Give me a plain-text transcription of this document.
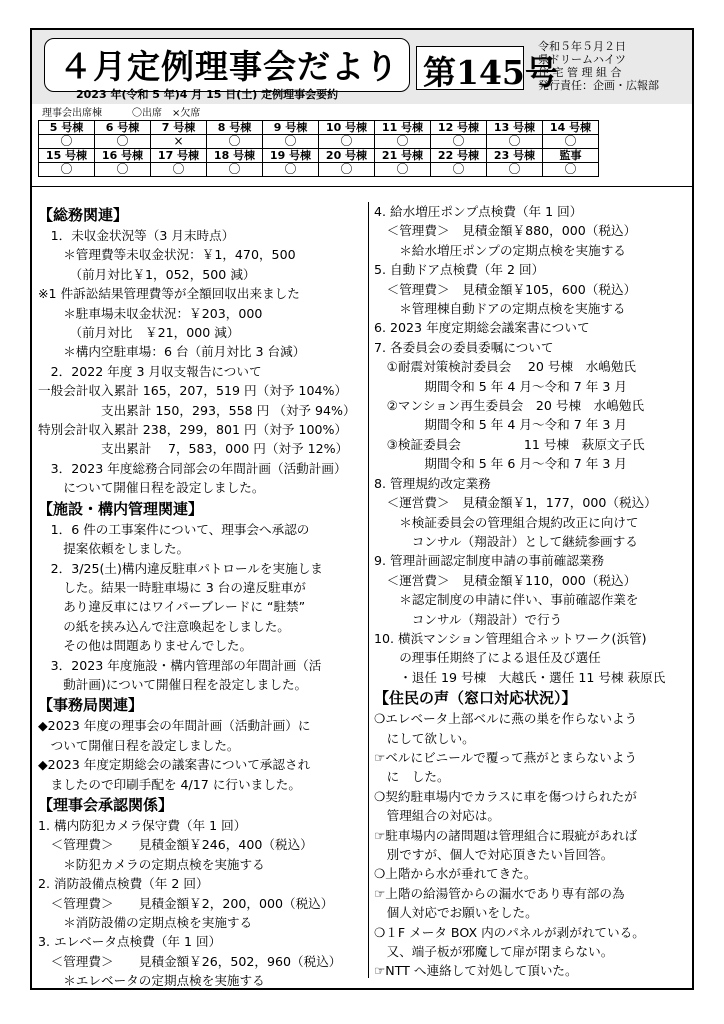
４月定例理事会だより
2023 年(令和 5 年)4 月 15 日(土) 定例理事会要約
第145号
令和５年５月２日
県ドリームハイツ
住 宅 管 理 組 合
発行責任：企画・広報部
理事会出席棟　　　〇出席　×欠席
5 号棟	6 号棟	7 号棟	8 号棟	9 号棟	10 号棟	11 号棟	12 号棟	13 号棟	14 号棟
〇	〇	×	〇	〇	〇	〇	〇	〇	〇
15 号棟	16 号棟	17 号棟	18 号棟	19 号棟	20 号棟	21 号棟	22 号棟	23 号棟	監事
〇	〇	〇	〇	〇	〇	〇	〇	〇	〇
【総務関連】
　1．未収金状況等（3 月末時点）
　　＊管理費等未収金状況：￥1，470，500
　　　（前月対比￥1，052，500 減）
※1 件訴訟結果管理費等が全額回収出来ました
　　＊駐車場未収金状況：￥203，000
　　　（前月対比　￥21，000 減）
　　＊構内空駐車場：6 台（前月対比 3 台減）
　2．2022 年度 3 月収支報告について
一般会計収入累計 165，207，519 円（対予 104%）
　　　　　支出累計 150，293，558 円 （対予 94%）
特別会計収入累計 238，299，801 円（対予 100%）
　　　　　支出累計　 7，583，000 円（対予 12%）
　3．2023 年度総務合同部会の年間計画（活動計画）
　　について開催日程を設定しました。
【施設・構内管理関連】
　1．6 件の工事案件について、理事会へ承認の
　　提案依頼をしました。
　2．3/25(土)構内違反駐車パトロールを実施しま
　　した。結果一時駐車場に 3 台の違反駐車が
　　あり違反車にはワイパーブレードに “駐禁”
　　の紙を挟み込んで注意喚起をしました。
　　その他は問題ありませんでした。
　3．2023 年度施設・構内管理部の年間計画（活
　　動計画)について開催日程を設定しました。
【事務局関連】
◆2023 年度の理事会の年間計画（活動計画）に
　ついて開催日程を設定しました。
◆2023 年度定期総会の議案書について承認され
　ましたので印刷手配を 4/17 に行いました。
【理事会承認関係】
1. 構内防犯カメラ保守費（年 1 回）
　＜管理費＞　　見積金額￥246，400（税込）
　　＊防犯カメラの定期点検を実施する
2. 消防設備点検費（年 2 回）
　＜管理費＞　　見積金額￥2，200，000（税込）
　　＊消防設備の定期点検を実施する
3. エレベータ点検費（年 1 回）
　＜管理費＞　　見積金額￥26，502，960（税込）
　　＊エレベータの定期点検を実施する
4. 給水増圧ポンプ点検費（年 1 回）
　＜管理費＞　見積金額￥880，000（税込）
　　＊給水増圧ポンプの定期点検を実施する
5. 自動ドア点検費（年 2 回）
　＜管理費＞　見積金額￥105，600（税込）
　　＊管理棟自動ドアの定期点検を実施する
6. 2023 年度定期総会議案書について
7. 各委員会の委員委嘱について
　①耐震対策検討委員会　 20 号棟　水嶋勉氏
　　　　期間令和 5 年 4 月～令和 7 年 3 月
　②マンション再生委員会　20 号棟　水嶋勉氏
　　　　期間令和 5 年 4 月～令和 7 年 3 月
　③検証委員会　　　　　11 号棟　萩原文子氏
　　　　期間令和 5 年 6 月～令和 7 年 3 月
8. 管理規約改定業務
　＜運営費＞　見積金額￥1，177，000（税込）
　　＊検証委員会の管理組合規約改正に向けて
　　　コンサル（翔設計）として継続参画する
9. 管理計画認定制度申請の事前確認業務
　＜運営費＞　見積金額￥110，000（税込）
　　＊認定制度の申請に伴い、事前確認作業を
　　　コンサル（翔設計）で行う
10. 横浜マンション管理組合ネットワーク(浜管)
　　の理事任期終了による退任及び選任
　　・退任 19 号棟　大越氏・選任 11 号棟 萩原氏
【住民の声（窓口対応状況）】
❍エレベータ上部ベルに燕の巣を作らないよう
　にして欲しい。
☞ベルにビニールで覆って燕がとまらないよう
　に　した。
❍契約駐車場内でカラスに車を傷つけられたが
　管理組合の対応は。
☞駐車場内の諸問題は管理組合に瑕疵があれば
　別ですが、個人で対応頂きたい旨回答。
❍上階から水が垂れてきた。
☞上階の給湯管からの漏水であり専有部の為
　個人対応でお願いをした。
❍１F メータ BOX 内のパネルが剥がれている。
　又、端子板が邪魔して扉が閉まらない。
☞NTT へ連絡して対処して頂いた。
